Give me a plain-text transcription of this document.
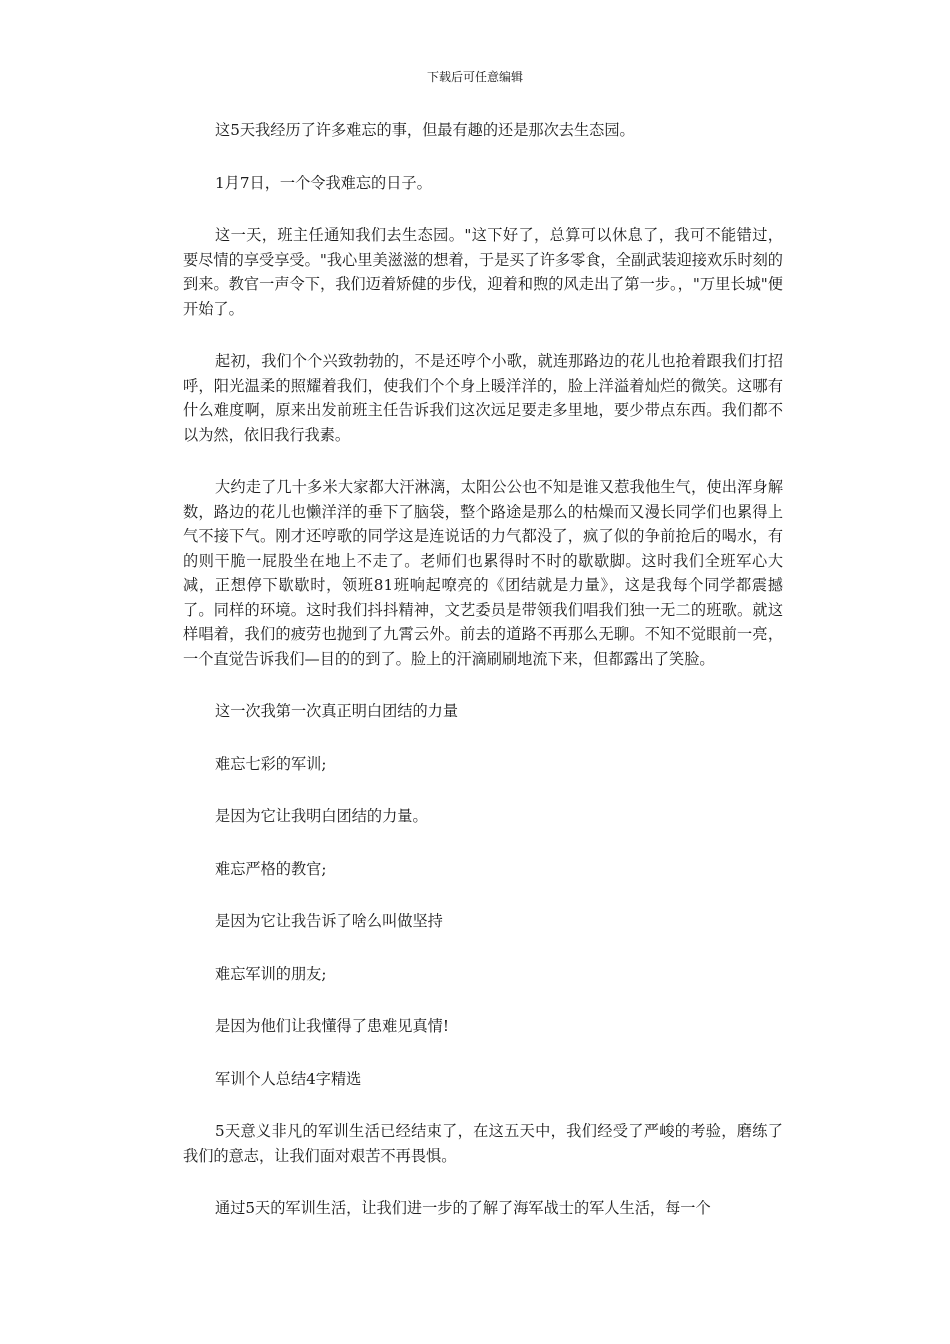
下载后可任意编辑

这5天我经历了许多难忘的事，但最有趣的还是那次去生态园。

1月7日，一个令我难忘的日子。

这一天，班主任通知我们去生态园。"这下好了，总算可以休息了，我可不能错过，要尽情的享受享受。"我心里美滋滋的想着，于是买了许多零食，全副武装迎接欢乐时刻的到来。教官一声令下，我们迈着矫健的步伐，迎着和煦的风走出了第一步。，"万里长城"便开始了。

起初，我们个个兴致勃勃的，不是还哼个小歌，就连那路边的花儿也抢着跟我们打招呼，阳光温柔的照耀着我们，使我们个个身上暖洋洋的，脸上洋溢着灿烂的微笑。这哪有什么难度啊，原来出发前班主任告诉我们这次远足要走多里地，要少带点东西。我们都不以为然，依旧我行我素。

大约走了几十多米大家都大汗淋漓，太阳公公也不知是谁又惹我他生气，使出浑身解数，路边的花儿也懒洋洋的垂下了脑袋，整个路途是那么的枯燥而又漫长同学们也累得上气不接下气。刚才还哼歌的同学这是连说话的力气都没了，疯了似的争前抢后的喝水，有的则干脆一屁股坐在地上不走了。老师们也累得时不时的歇歇脚。这时我们全班军心大减，正想停下歇歇时，领班81班响起嘹亮的《团结就是力量》，这是我每个同学都震撼了。同样的环境。这时我们抖抖精神，文艺委员是带领我们唱我们独一无二的班歌。就这样唱着，我们的疲劳也抛到了九霄云外。前去的道路不再那么无聊。不知不觉眼前一亮，一个直觉告诉我们—目的的到了。脸上的汗滴刷刷地流下来，但都露出了笑脸。

这一次我第一次真正明白团结的力量

难忘七彩的军训;

是因为它让我明白团结的力量。

难忘严格的教官;

是因为它让我告诉了啥么叫做坚持

难忘军训的朋友;

是因为他们让我懂得了患难见真情!

军训个人总结4字精选

5天意义非凡的军训生活已经结束了，在这五天中，我们经受了严峻的考验，磨练了我们的意志，让我们面对艰苦不再畏惧。

通过5天的军训生活，让我们进一步的了解了海军战士的军人生活，每一个
